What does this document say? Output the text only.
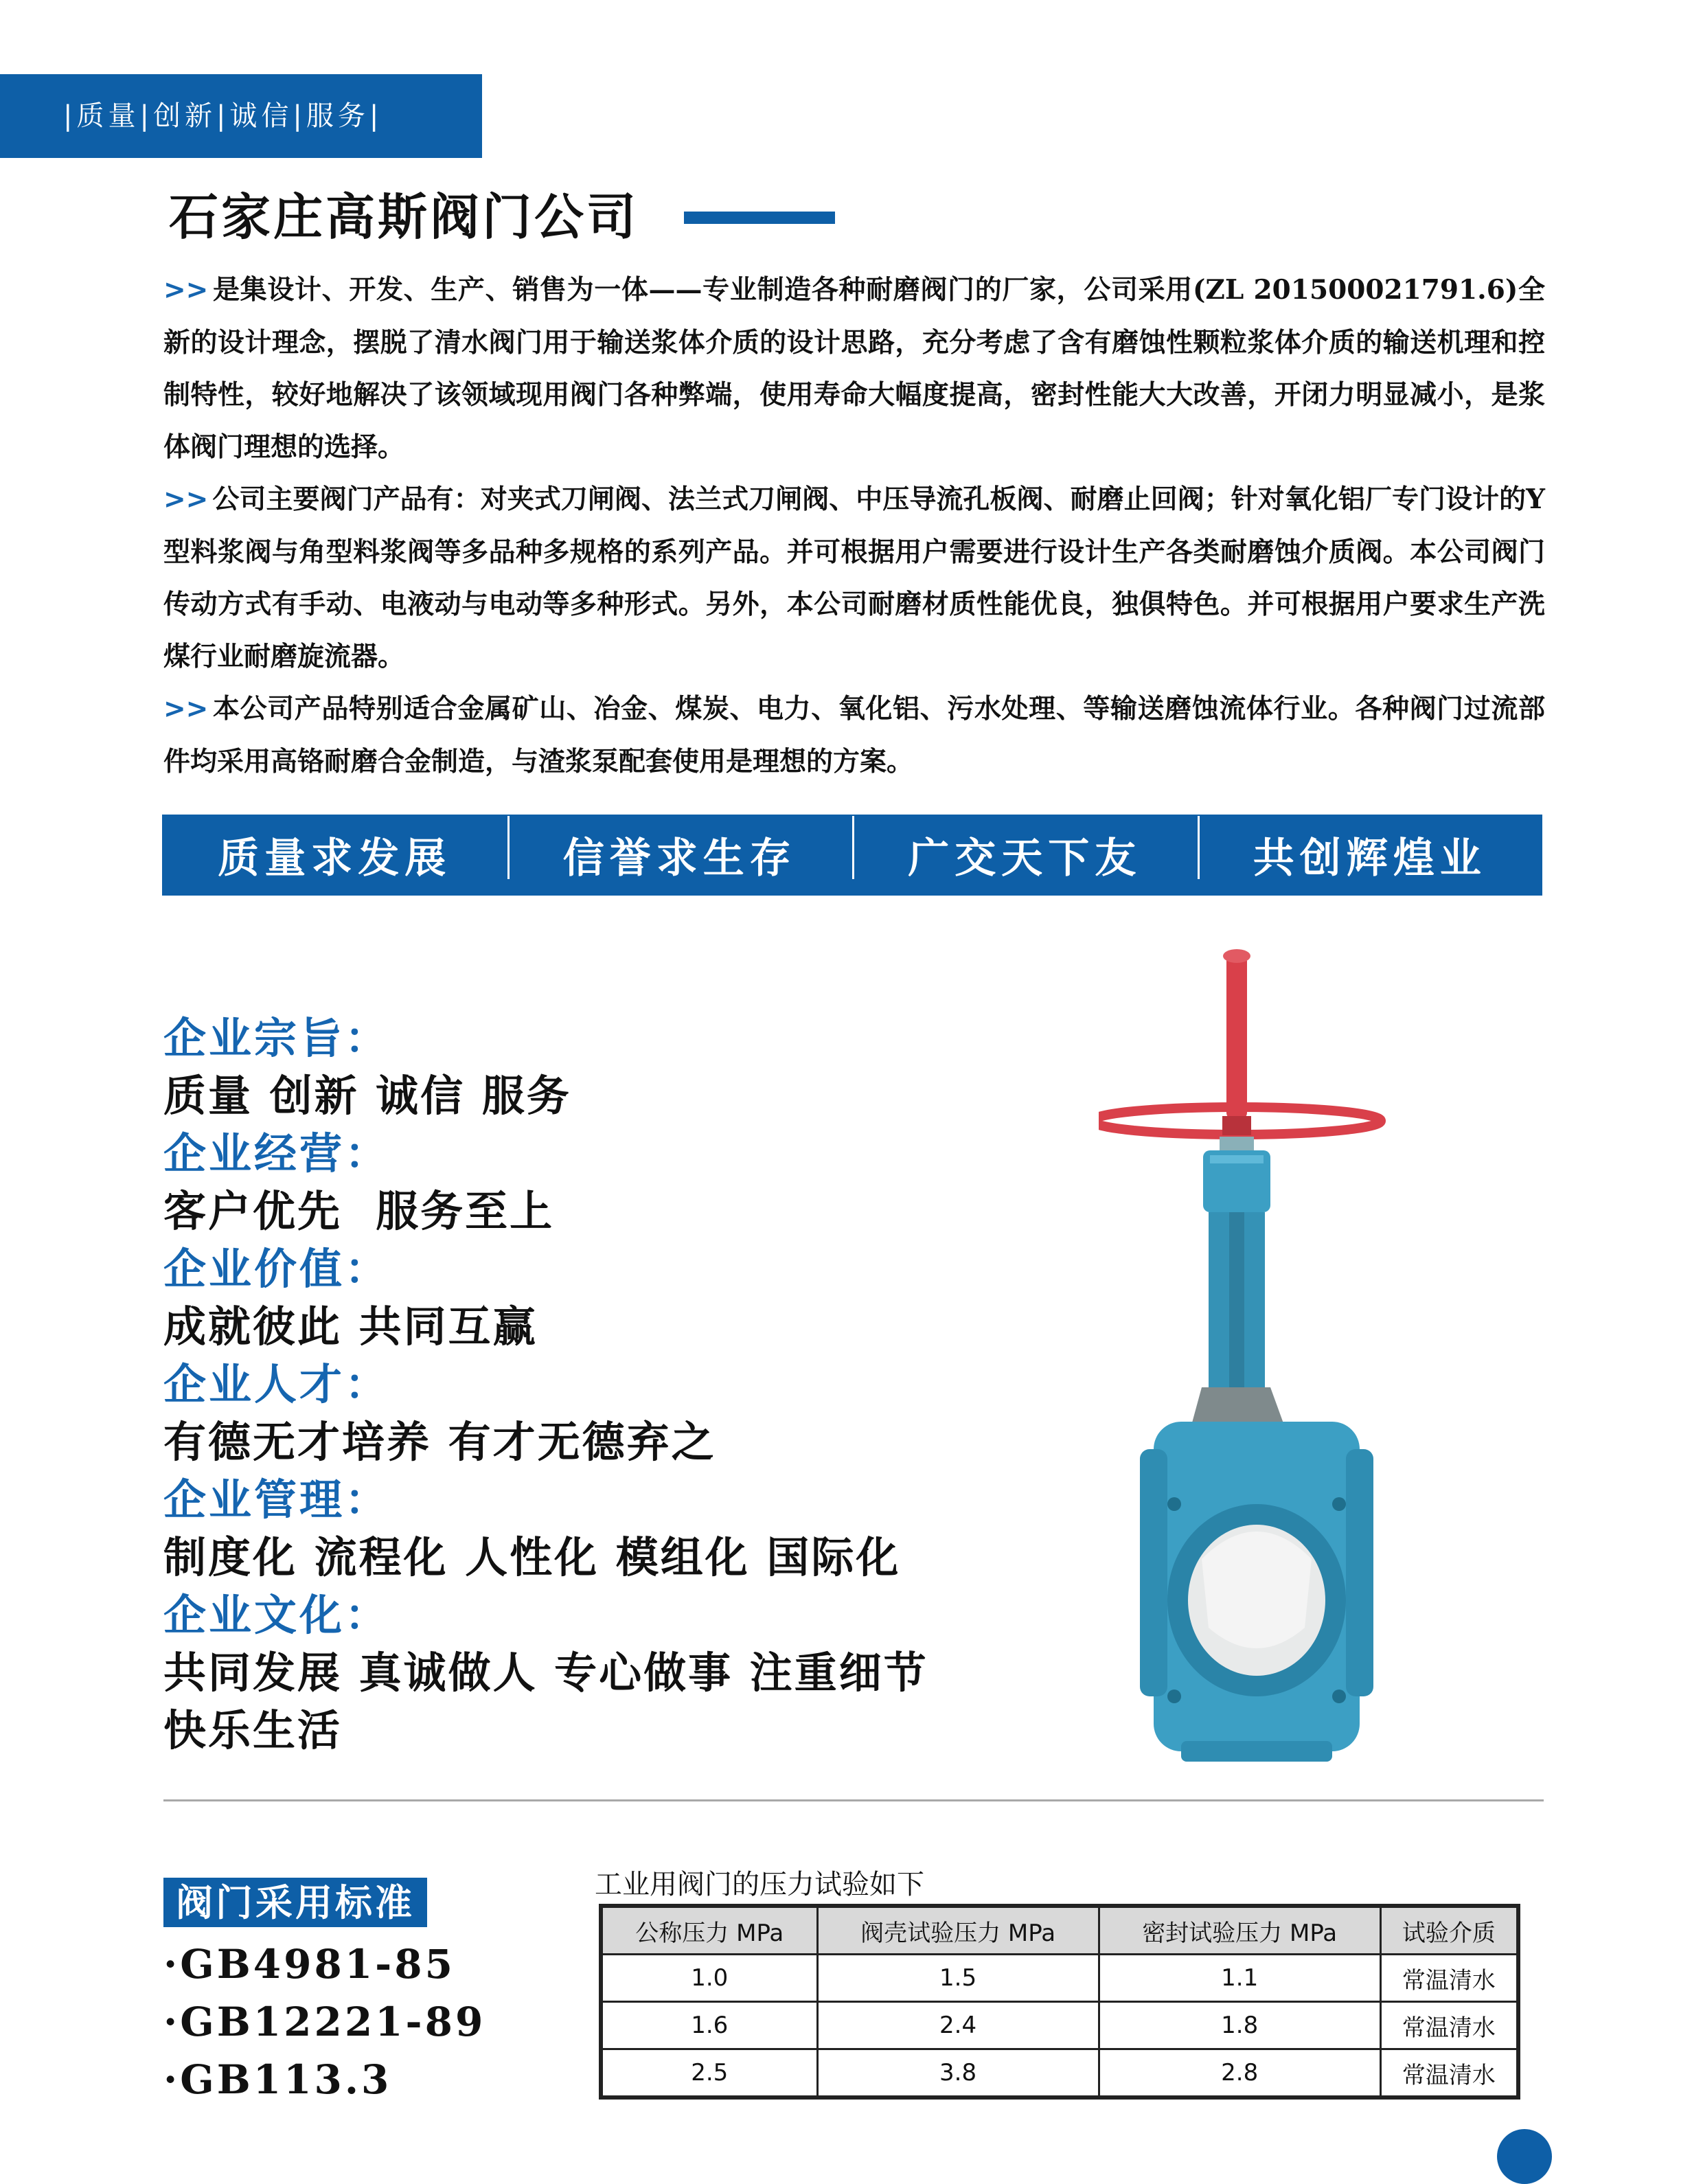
|质量|创新|诚信|服务|
石家庄高斯阀门公司

>> 是集设计、开发、生产、销售为一体——专业制造各种耐磨阀门的厂家，公司采用(ZL 201500021791.6)全新的设计理念，摆脱了清水阀门用于输送浆体介质的设计思路，充分考虑了含有磨蚀性颗粒浆体介质的输送机理和控制特性，较好地解决了该领域现用阀门各种弊端，使用寿命大幅度提高，密封性能大大改善，开闭力明显减小，是浆体阀门理想的选择。

>> 公司主要阀门产品有：对夹式刀闸阀、法兰式刀闸阀、中压导流孔板阀、耐磨止回阀；针对氧化铝厂专门设计的Y型料浆阀与角型料浆阀等多品种多规格的系列产品。并可根据用户需要进行设计生产各类耐磨蚀介质阀。本公司阀门传动方式有手动、电液动与电动等多种形式。另外，本公司耐磨材质性能优良，独俱特色。并可根据用户要求生产洗煤行业耐磨旋流器。

>> 本公司产品特别适合金属矿山、冶金、煤炭、电力、氧化铝、污水处理、等输送磨蚀流体行业。各种阀门过流部件均采用高铬耐磨合金制造，与渣浆泵配套使用是理想的方案。

质量求发展	信誉求生存	广交天下友	共创辉煌业
企业宗旨：
质量 创新 诚信 服务
企业经营：
客户优先  服务至上
企业价值：
成就彼此 共同互赢
企业人才：
有德无才培养 有才无德弃之
企业管理：
制度化 流程化 人性化 模组化 国际化
企业文化：
共同发展 真诚做人 专心做事 注重细节
快乐生活
阀门采用标准
·GB4981-85
·GB12221-89
·GB113.3
工业用阀门的压力试验如下
公称压力 MPa	阀壳试验压力 MPa	密封试验压力 MPa	试验介质
1.0	1.5	1.1	常温清水
1.6	2.4	1.8	常温清水
2.5	3.8	2.8	常温清水
